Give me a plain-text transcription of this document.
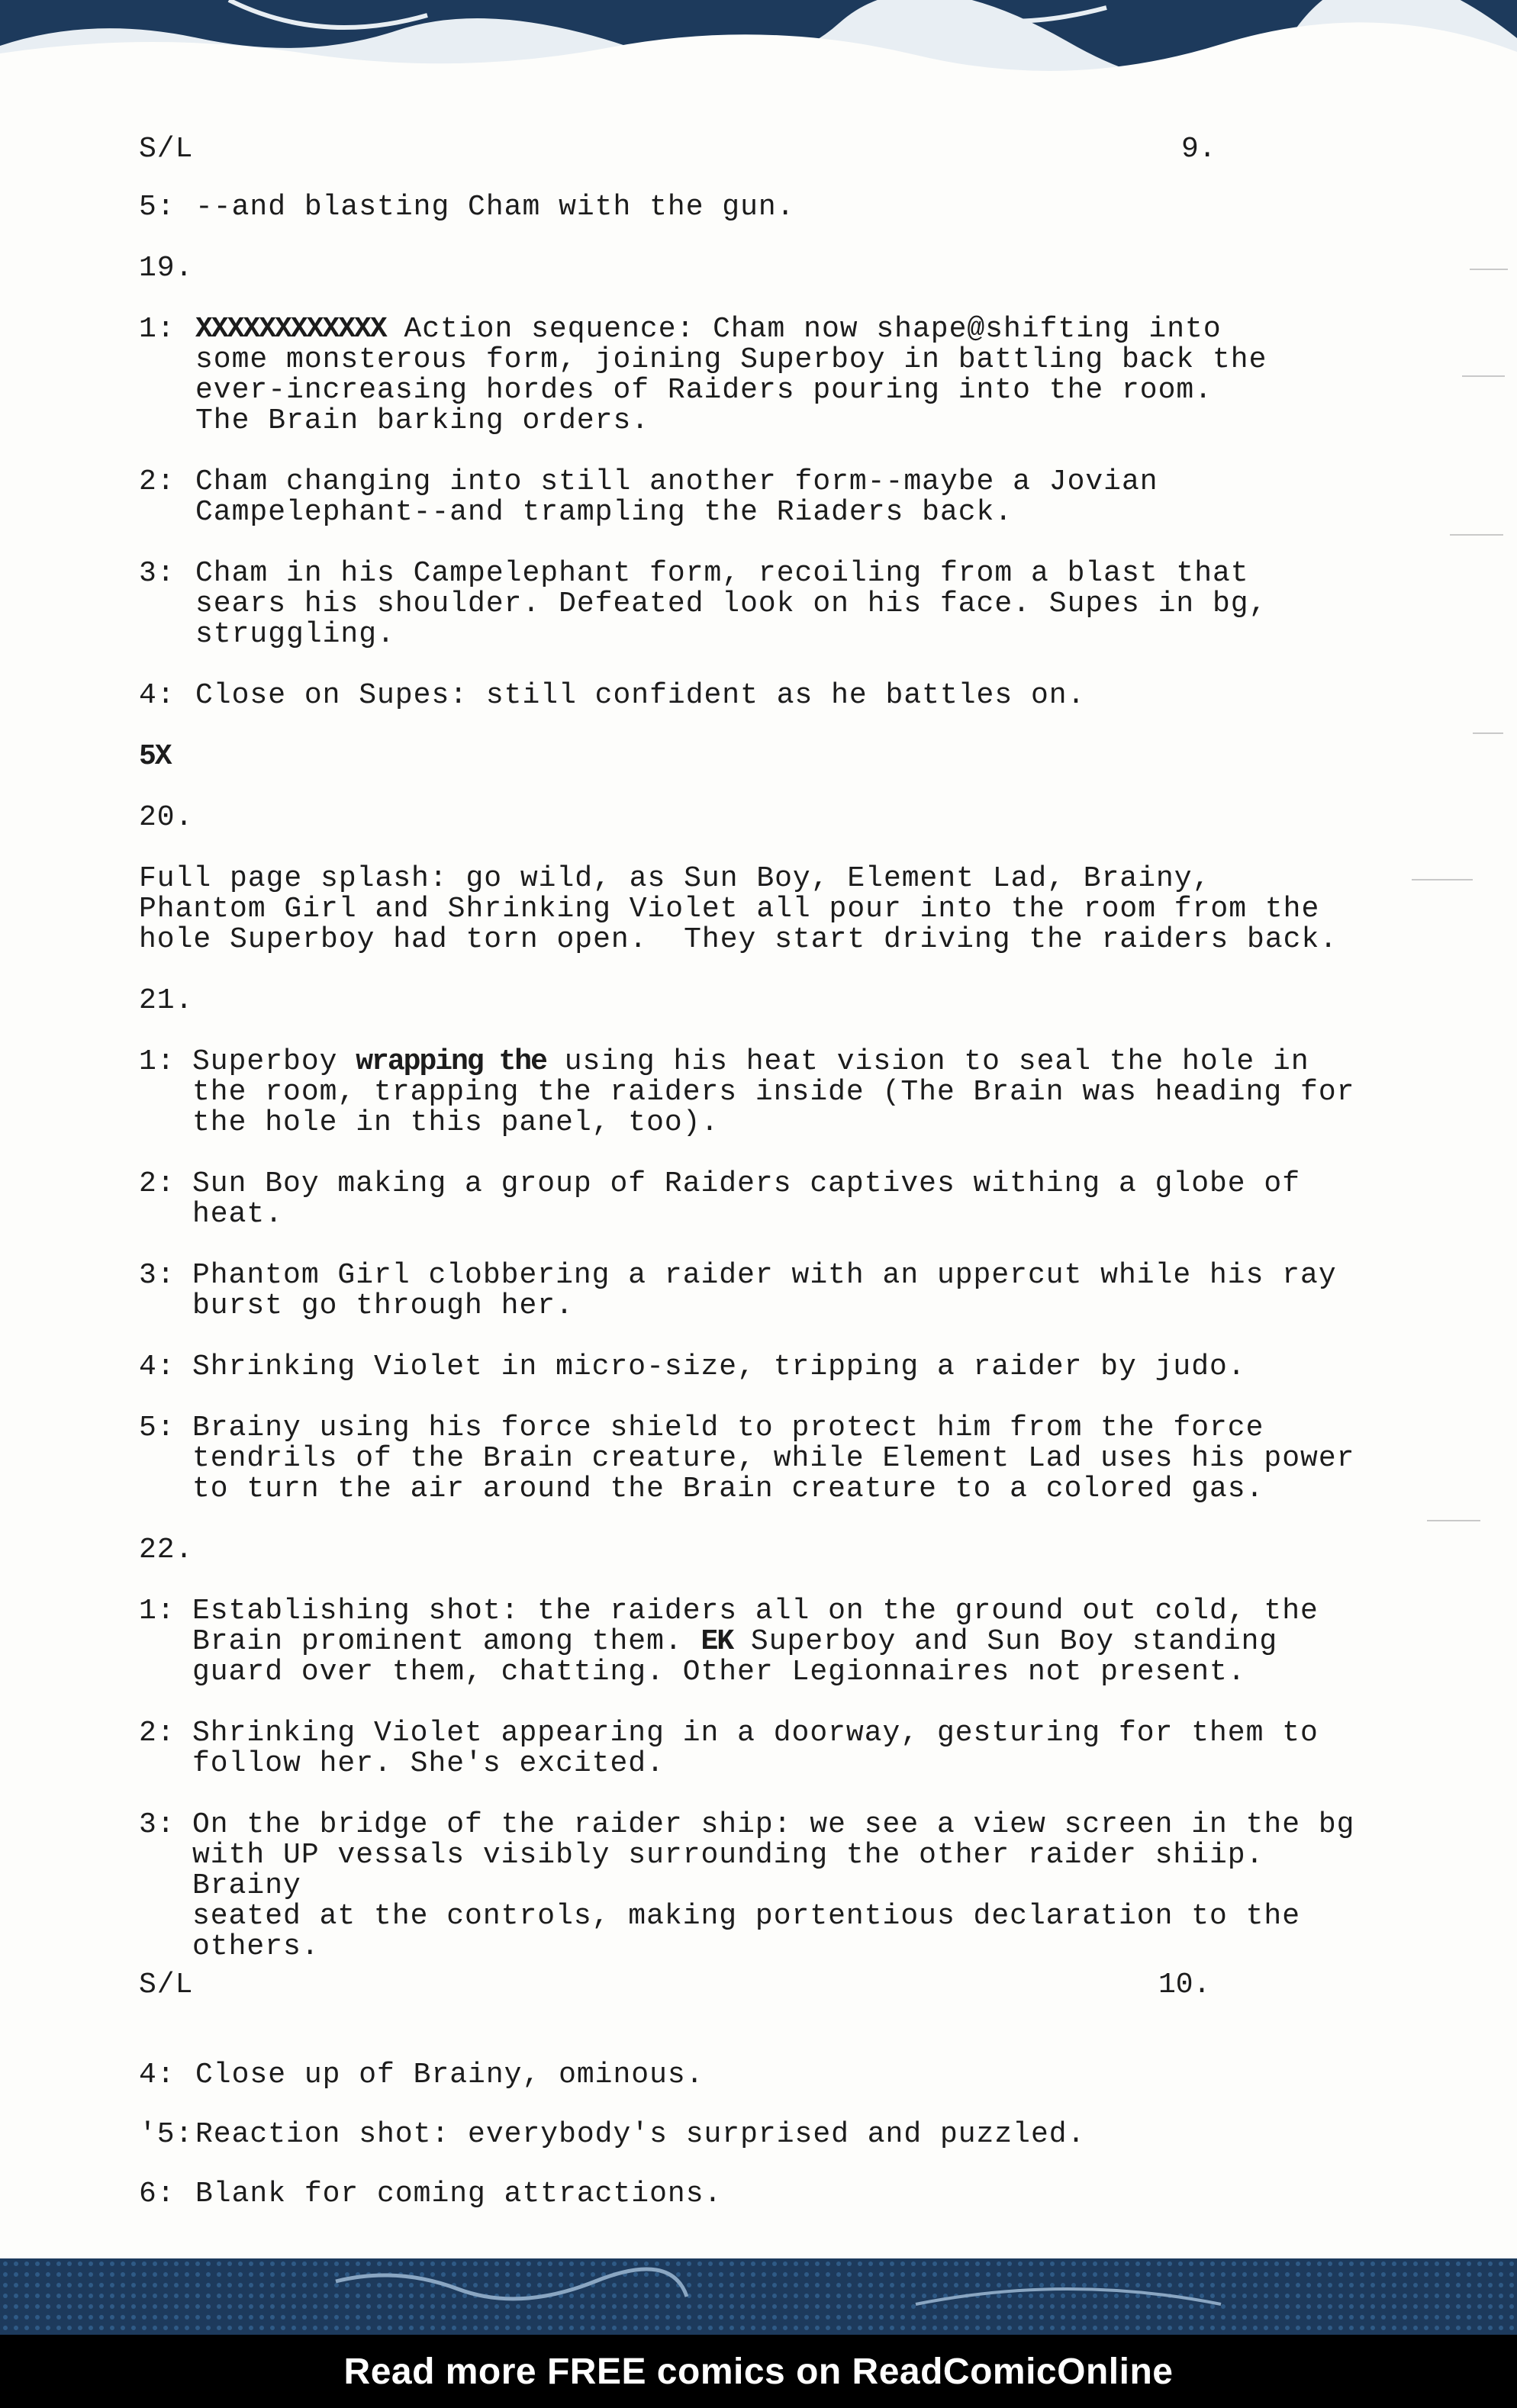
S/L	9.
5: --and blasting Cham with the gun.
19.
1: XXXXXXXXXXXX Action sequence: Cham now shape@shifting into
some monsterous form, joining Superboy in battling back the
ever-increasing hordes of Raiders pouring into the room.
The Brain barking orders.
2: Cham changing into still another form--maybe a Jovian
Campelephant--and trampling the Riaders back.
3: Cham in his Campelephant form, recoiling from a blast that
sears his shoulder. Defeated look on his face. Supes in bg,
struggling.
4: Close on Supes: still confident as he battles on.
5X
20.
Full page splash: go wild, as Sun Boy, Element Lad, Brainy,
Phantom Girl and Shrinking Violet all pour into the room from the
hole Superboy had torn open.  They start driving the raiders back.
21.
1: Superboy wrapping the using his heat vision to seal the hole in
the room, trapping the raiders inside (The Brain was heading for
the hole in this panel, too).
2: Sun Boy making a group of Raiders captives withing a globe of
heat.
3: Phantom Girl clobbering a raider with an uppercut while his ray
burst go through her.
4: Shrinking Violet in micro-size, tripping a raider by judo.
5: Brainy using his force shield to protect him from the force
tendrils of the Brain creature, while Element Lad uses his power
to turn the air around the Brain creature to a colored gas.
22.
1: Establishing shot: the raiders all on the ground out cold, the
Brain prominent among them. EK Superboy and Sun Boy standing
guard over them, chatting. Other Legionnaires not present.
2: Shrinking Violet appearing in a doorway, gesturing for them to
follow her. She's excited.
3: On the bridge of the raider ship: we see a view screen in the bg
with UP vessals visibly surrounding the other raider shiip. Brainy
seated at the controls, making portentious declaration to the
others.
S/L	10.
4: Close up of Brainy, ominous.
'5: Reaction shot: everybody's surprised and puzzled.
6: Blank for coming attractions.
Read more FREE comics on ReadComicOnline
